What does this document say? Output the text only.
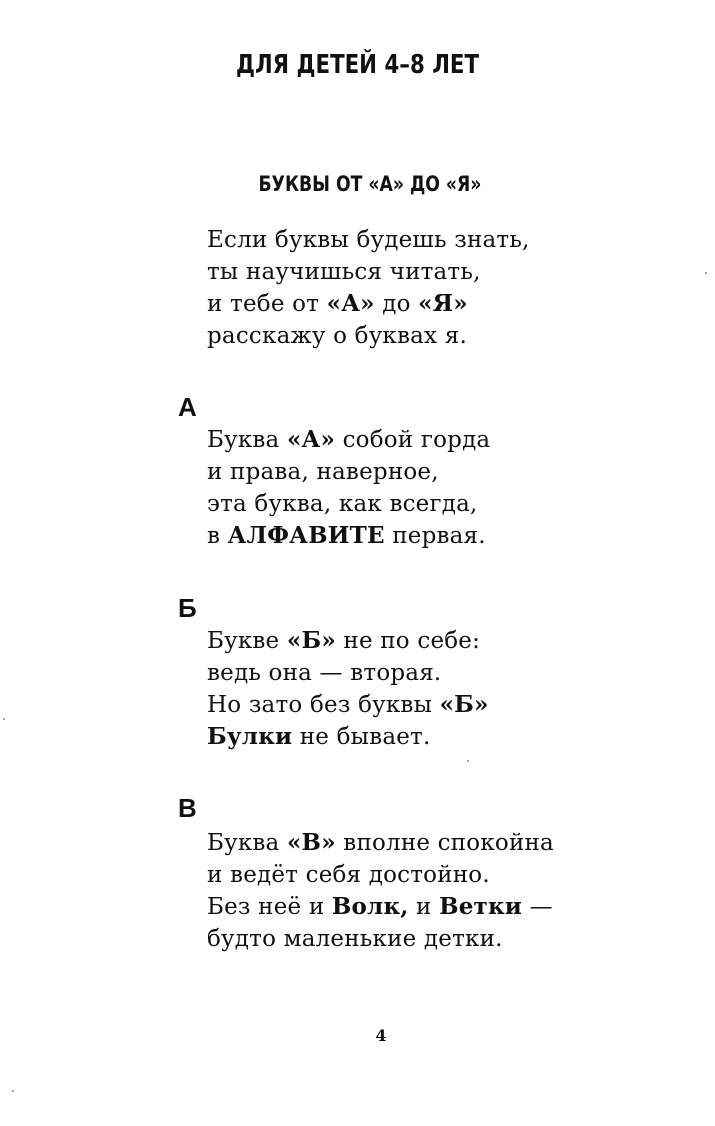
ДЛЯ ДЕТЕЙ 4–8 ЛЕТ
БУКВЫ ОТ «А» ДО «Я»
Если буквы будешь знать,
ты научишься читать,
и тебе от «А» до «Я»
расскажу о буквах я.
А
Буква «А» собой горда
и права, наверное,
эта буква, как всегда,
в АЛФАВИТЕ первая.
Б
Букве «Б» не по себе:
ведь она — вторая.
Но зато без буквы «Б»
Булки не бывает.
В
Буква «В» вполне спокойна
и ведёт себя достойно.
Без неё и Волк, и Ветки —
будто маленькие детки.
4
